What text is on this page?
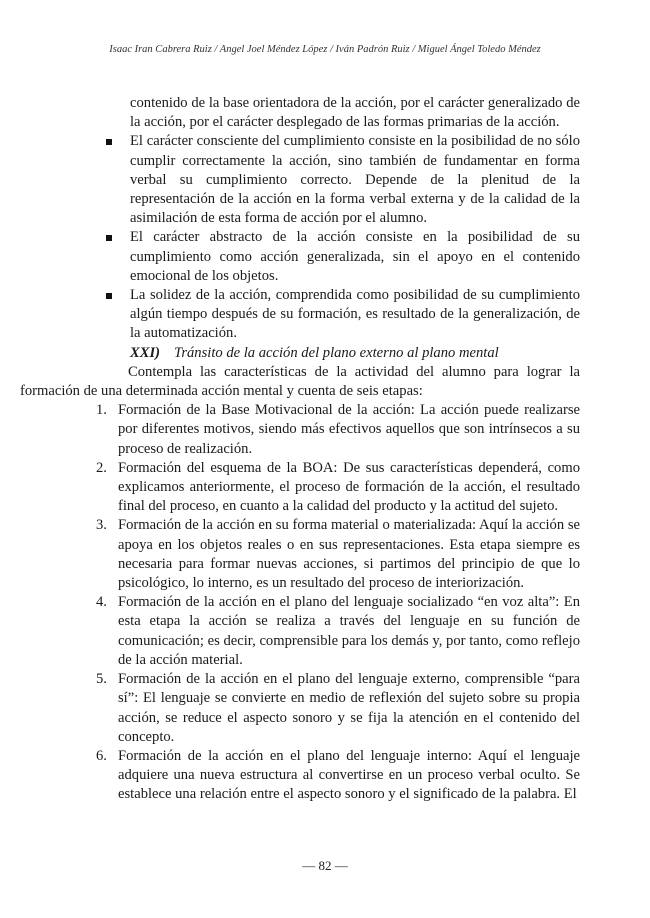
Isaac Iran Cabrera Ruiz / Angel Joel Méndez López / Iván Padrón Ruiz / Miguel Ángel Toledo Méndez

contenido de la base orientadora de la acción, por el carácter generalizado de la acción, por el carácter desplegado de las formas primarias de la acción.

El carácter consciente del cumplimiento consiste en la posibilidad de no sólo cumplir correctamente la acción, sino también de fundamentar en forma verbal su cumplimiento correcto. Depende de la plenitud de la representación de la acción en la forma verbal externa y de la calidad de la asimilación de esta forma de acción por el alumno.

El carácter abstracto de la acción consiste en la posibilidad de su cumplimiento como acción generalizada, sin el apoyo en el contenido emocional de los objetos.

La solidez de la acción, comprendida como posibilidad de su cumplimiento algún tiempo después de su formación, es resultado de la generalización, de la automatización.

XXI) Tránsito de la acción del plano externo al plano mental

Contempla las características de la actividad del alumno para lograr la formación de una determinada acción mental y cuenta de seis etapas:

1. Formación de la Base Motivacional de la acción: La acción puede realizarse por diferentes motivos, siendo más efectivos aquellos que son intrínsecos a su proceso de realización.

2. Formación del esquema de la BOA: De sus características dependerá, como explicamos anteriormente, el proceso de formación de la acción, el resultado final del proceso, en cuanto a la calidad del producto y la actitud del sujeto.

3. Formación de la acción en su forma material o materializada: Aquí la acción se apoya en los objetos reales o en sus representaciones. Esta etapa siempre es necesaria para formar nuevas acciones, si partimos del principio de que lo psicológico, lo interno, es un resultado del proceso de interiorización.

4. Formación de la acción en el plano del lenguaje socializado “en voz alta”: En esta etapa la acción se realiza a través del lenguaje en su función de comunicación; es decir, comprensible para los demás y, por tanto, como reflejo de la acción material.

5. Formación de la acción en el plano del lenguaje externo, comprensible “para sí”: El lenguaje se convierte en medio de reflexión del sujeto sobre su propia acción, se reduce el aspecto sonoro y se fija la atención en el contenido del concepto.

6. Formación de la acción en el plano del lenguaje interno: Aquí el lenguaje adquiere una nueva estructura al convertirse en un proceso verbal oculto. Se establece una relación entre el aspecto sonoro y el significado de la palabra. El

— 82 —
